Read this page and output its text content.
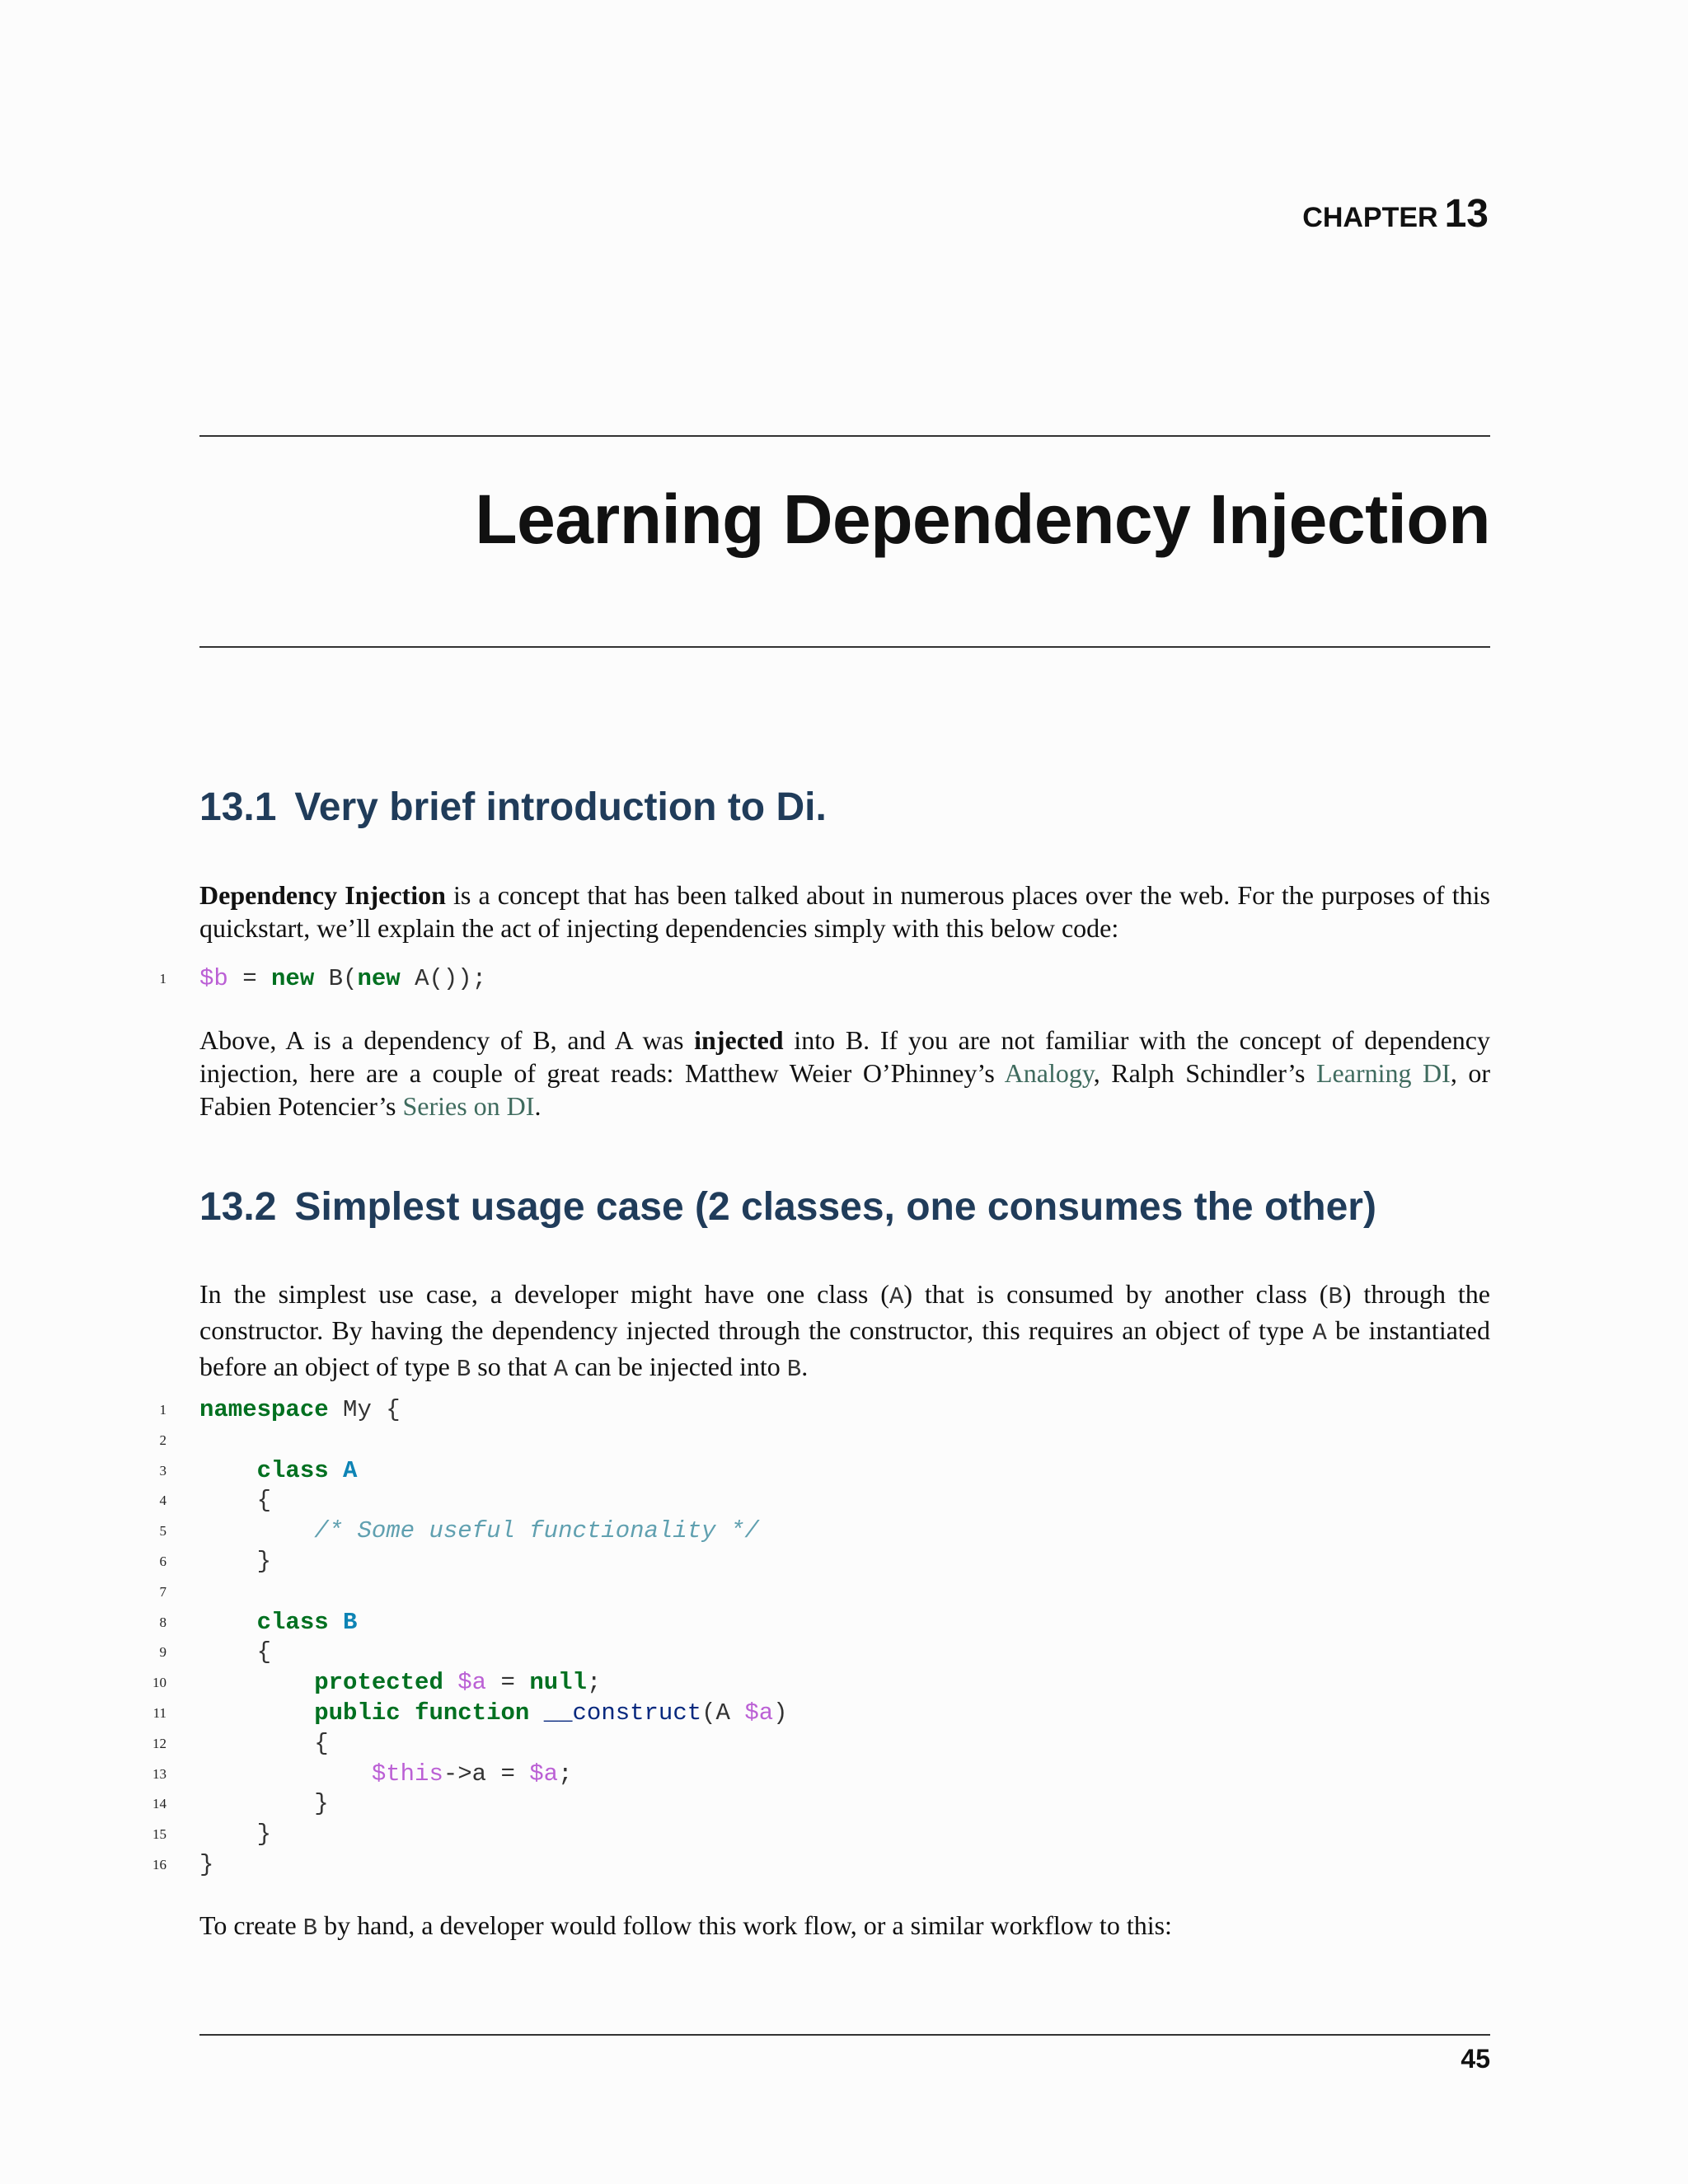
CHAPTER 13
Learning Dependency Injection
13.1 Very brief introduction to Di.
Dependency Injection is a concept that has been talked about in numerous places over the web. For the purposes of this quickstart, we’ll explain the act of injecting dependencies simply with this below code:

1

$b = new B(new A());

Above, A is a dependency of B, and A was injected into B. If you are not familiar with the concept of dependency injection, here are a couple of great reads: Matthew Weier O’Phinney’s Analogy, Ralph Schindler’s Learning DI, or Fabien Potencier’s Series on DI.
13.2 Simplest usage case (2 classes, one consumes the other)
In the simplest use case, a developer might have one class (A) that is consumed by another class (B) through the constructor. By having the dependency injected through the constructor, this requires an object of type A be instantiated before an object of type B so that A can be injected into B.
1 namespace My {
2
3	class A
4 {
5	/* Some useful functionality */
6 }
7
8	class B
9 {
10	protected $a = null;
11	public function __construct(A $a)
12 {
13	$this->a = $a;
14 }
15 }
16 }
To create B by hand, a developer would follow this work flow, or a similar workflow to this:
45
